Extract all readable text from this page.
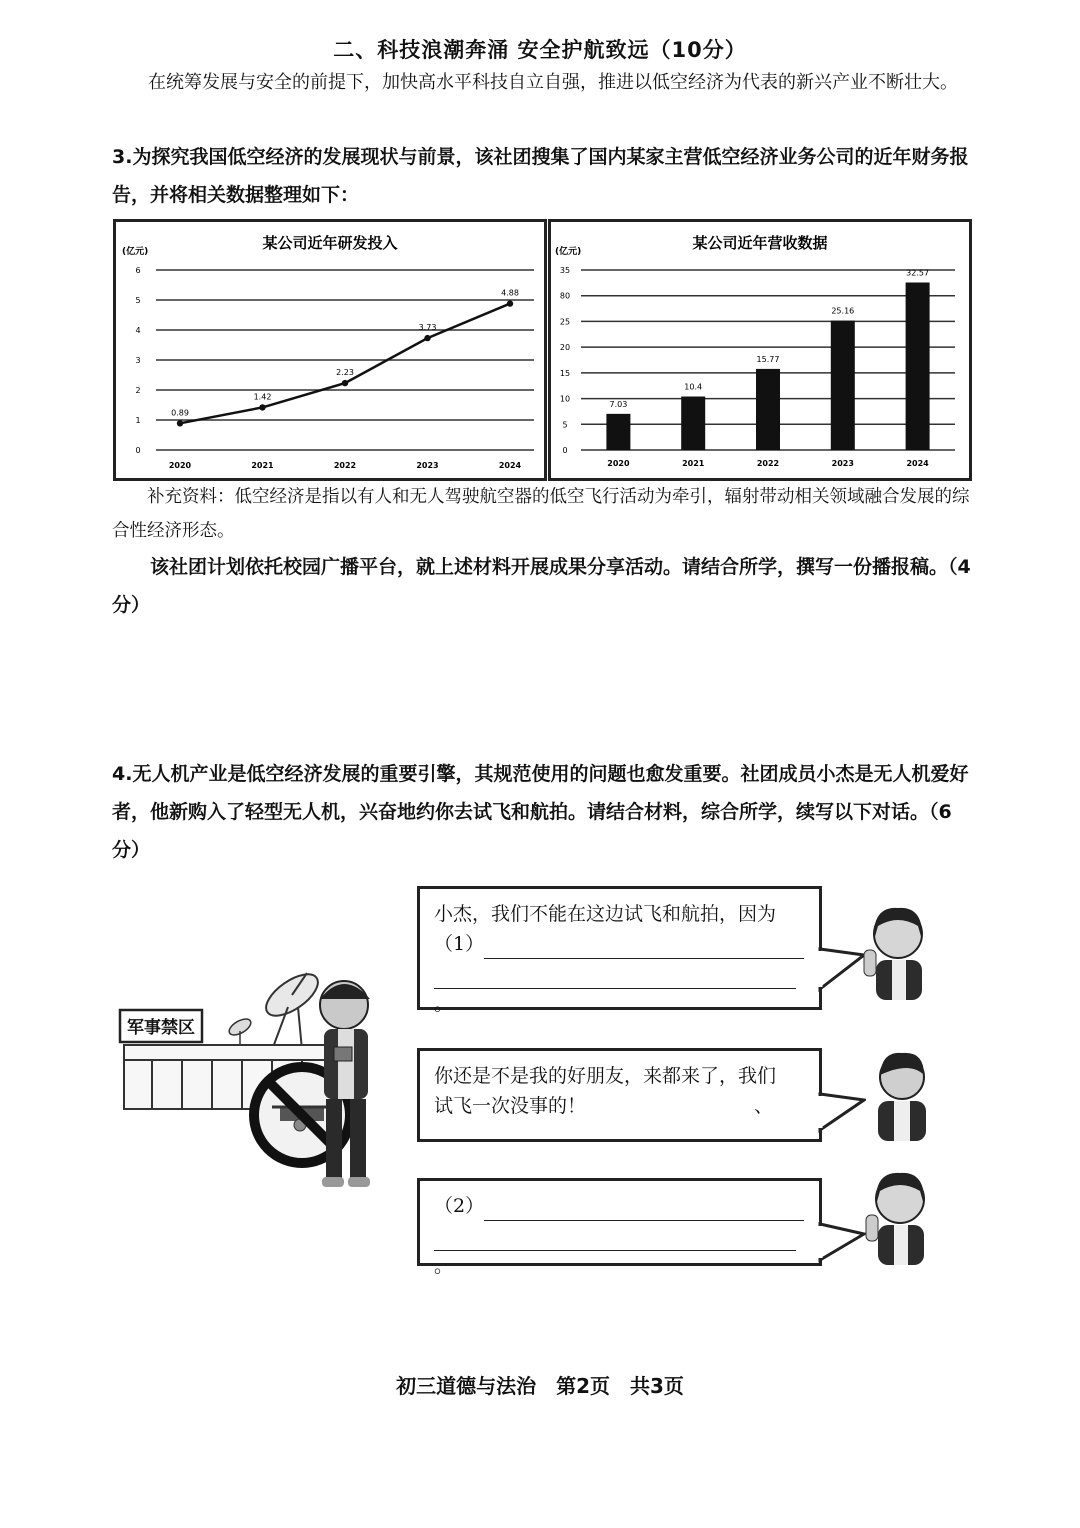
二、科技浪潮奔涌 安全护航致远（10分）
在统筹发展与安全的前提下，加快高水平科技自立自强，推进以低空经济为代表的新兴产业不断壮大。
3.为探究我国低空经济的发展现状与前景，该社团搜集了国内某家主营低空经济业务公司的近年财务报告，并将相关数据整理如下：
某公司近年研发投入
(亿元)
0
1
2
3
4
5
6
0.89
2020
1.42
2021
2.23
2022
3.73
2023
4.88
2024
某公司近年营收数据
(亿元)
0
5
10
15
20
25
80
35
7.03
2020
10.4
2021
15.77
2022
25.16
2023
32.57
2024
补充资料：低空经济是指以有人和无人驾驶航空器的低空飞行活动为牵引，辐射带动相关领域融合发展的综合性经济形态。
该社团计划依托校园广播平台，就上述材料开展成果分享活动。请结合所学，撰写一份播报稿。（4分）
4.无人机产业是低空经济发展的重要引擎，其规范使用的问题也愈发重要。社团成员小杰是无人机爱好者，他新购入了轻型无人机，兴奋地约你去试飞和航拍。请结合材料，综合所学，续写以下对话。（6分）
军事禁区
小杰，我们不能在这边试飞和航拍，因为
（1）
。
你还是不是我的好朋友，来都来了，我们
试飞一次没事的！	、
（2）
。
初三道德与法治　第2页　共3页
